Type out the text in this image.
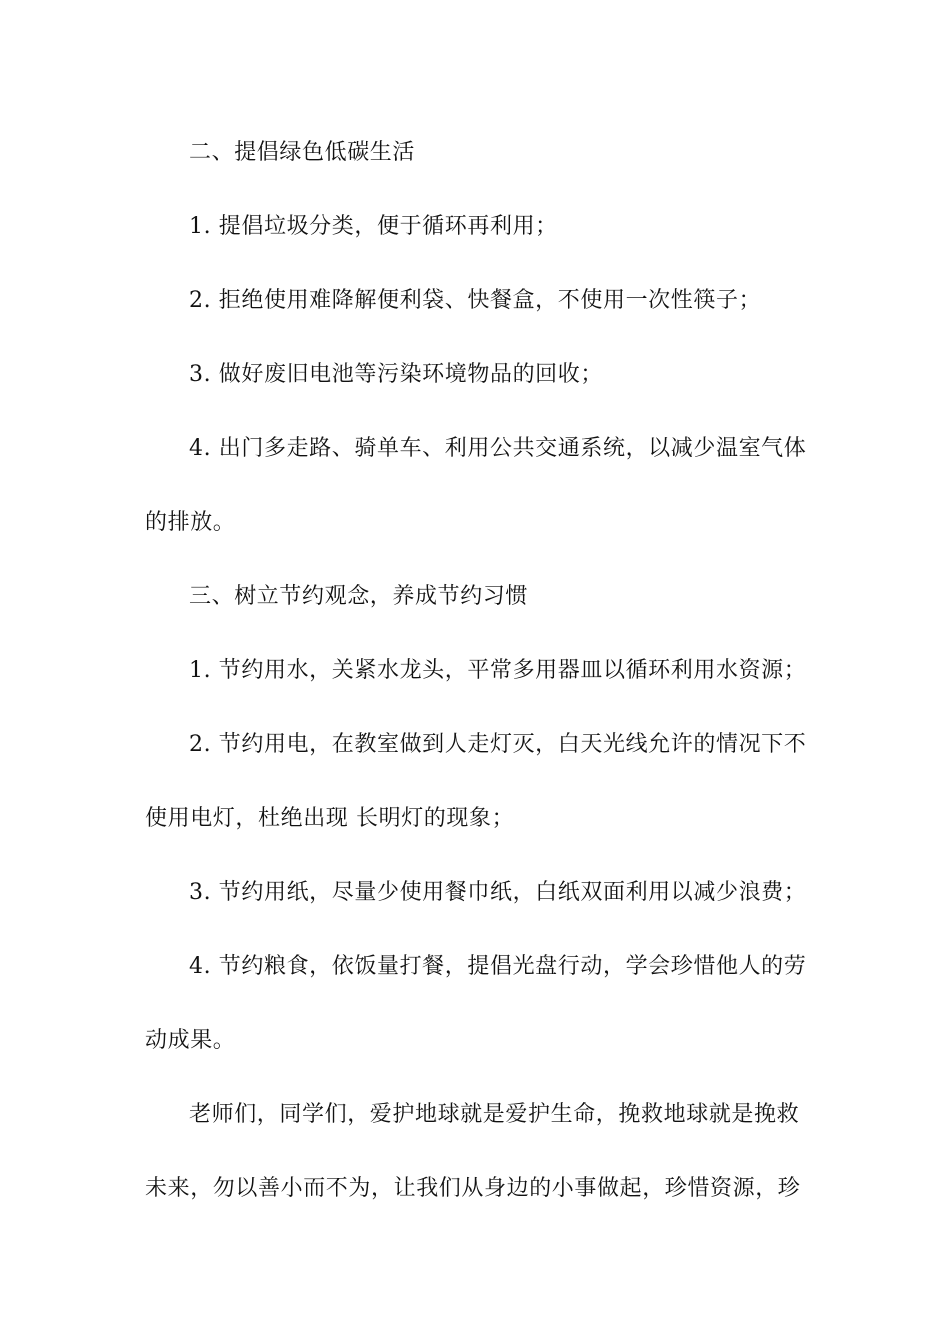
二、提倡绿色低碳生活
1. 提倡垃圾分类，便于循环再利用；
2. 拒绝使用难降解便利袋、快餐盒，不使用一次性筷子；
3. 做好废旧电池等污染环境物品的回收；
4. 出门多走路、骑单车、利用公共交通系统，以减少温室气体
的排放。
三、树立节约观念，养成节约习惯
1. 节约用水，关紧水龙头，平常多用器皿以循环利用水资源；
2. 节约用电，在教室做到人走灯灭，白天光线允许的情况下不
使用电灯，杜绝出现 长明灯的现象；
3. 节约用纸，尽量少使用餐巾纸，白纸双面利用以减少浪费；
4. 节约粮食，依饭量打餐，提倡光盘行动，学会珍惜他人的劳
动成果。
老师们，同学们，爱护地球就是爱护生命，挽救地球就是挽救
未来，勿以善小而不为，让我们从身边的小事做起，珍惜资源，珍
